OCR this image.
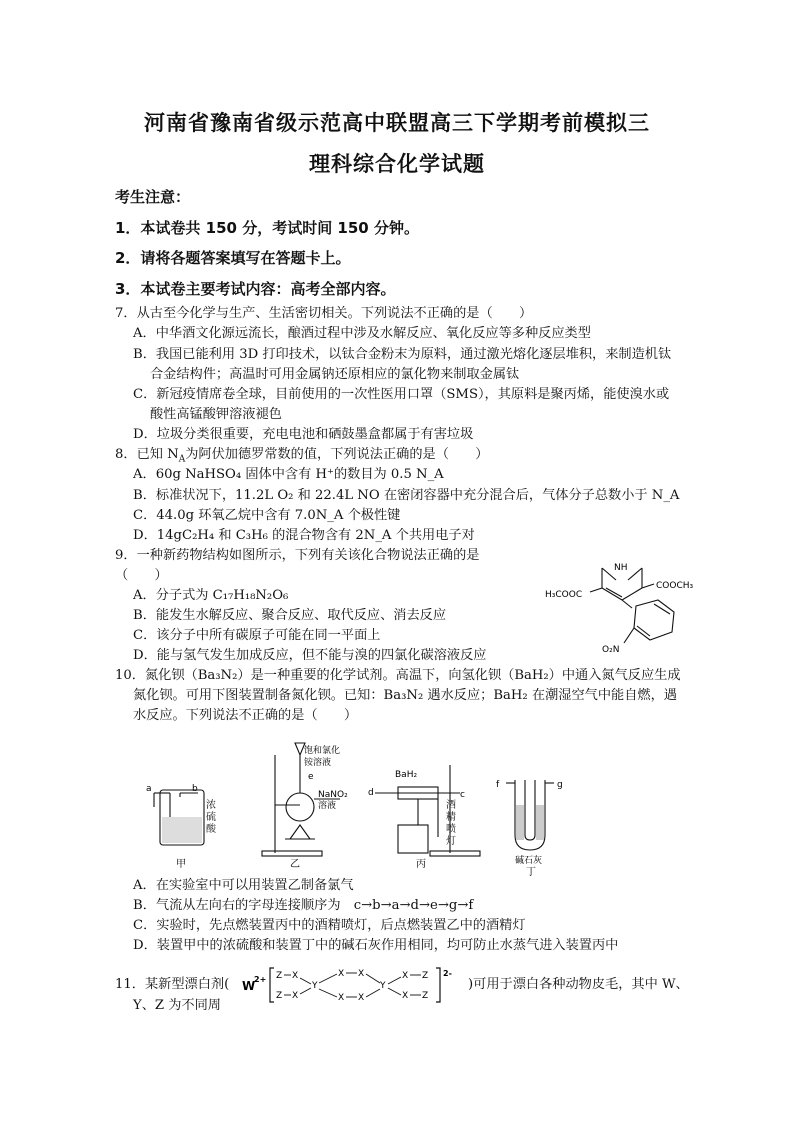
河南省豫南省级示范高中联盟高三下学期考前模拟三
理科综合化学试题
考生注意：
1．本试卷共 150 分，考试时间 150 分钟。
2．请将各题答案填写在答题卡上。
3．本试卷主要考试内容：高考全部内容。
7．从古至今化学与生产、生活密切相关。下列说法不正确的是（　　）
A．中华酒文化源远流长，酿酒过程中涉及水解反应、氧化反应等多种反应类型
B．我国已能利用 3D 打印技术，以钛合金粉末为原料，通过激光熔化逐层堆积，来制造机钛
合金结构件；高温时可用金属钠还原相应的氯化物来制取金属钛
C．新冠疫情席卷全球，目前使用的一次性医用口罩（SMS），其原料是聚丙烯，能使溴水或
酸性高锰酸钾溶液褪色
D．垃圾分类很重要，充电电池和硒鼓墨盒都属于有害垃圾
8．已知 $N_A$为阿伏加德罗常数的值，下列说法正确的是（　　）
A．60g NaHSO₄ 固体中含有 H⁺的数目为 0.5 N_A
B．标准状况下，11.2L O₂ 和 22.4L NO 在密闭容器中充分混合后，气体分子总数小于 N_A
C．44.0g 环氧乙烷中含有 7.0N_A 个极性键
D．14gC₂H₄ 和 C₃H₆ 的混合物含有 2N_A 个共用电子对
9．一种新药物结构如图所示，下列有关该化合物说法正确的是
（　　）
A．分子式为 C₁₇H₁₈N₂O₆
B．能发生水解反应、聚合反应、取代反应、消去反应
C．该分子中所有碳原子可能在同一平面上
D．能与氢气发生加成反应，但不能与溴的四氯化碳溶液反应
NH
H₃COOC
COOCH₃
O₂N
10．氮化钡（Ba₃N₂）是一种重要的化学试剂。高温下，向氢化钡（BaH₂）中通入氮气反应生成
氮化钡。可用下图装置制备氮化钡。已知：Ba₃N₂ 遇水反应；BaH₂ 在潮湿空气中能自燃，遇
水反应。下列说法不正确的是（　　）
a	b
饱和氯化
铵溶液
e
NaNO₂
溶液
BaH₂
d	c
f	g
碱石灰
甲	乙	丙
丁
浓硫酸
酒精喷灯
A．在实验室中可以用装置乙制备氯气
B．气流从左向右的字母连接顺序为　c→b→a→d→e→g→f
C．实验时，先点燃装置丙中的酒精喷灯，后点燃装置乙中的酒精灯
D．装置甲中的浓硫酸和装置丁中的碱石灰作用相同，均可防止水蒸气进入装置丙中
11．某新型漂白剂(	W
2+
2-
Z X
Z X
Y
X X
X X
Y
X Z
X Z
)可用于漂白各种动物皮毛，其中 W、
Y、Z 为不同周
